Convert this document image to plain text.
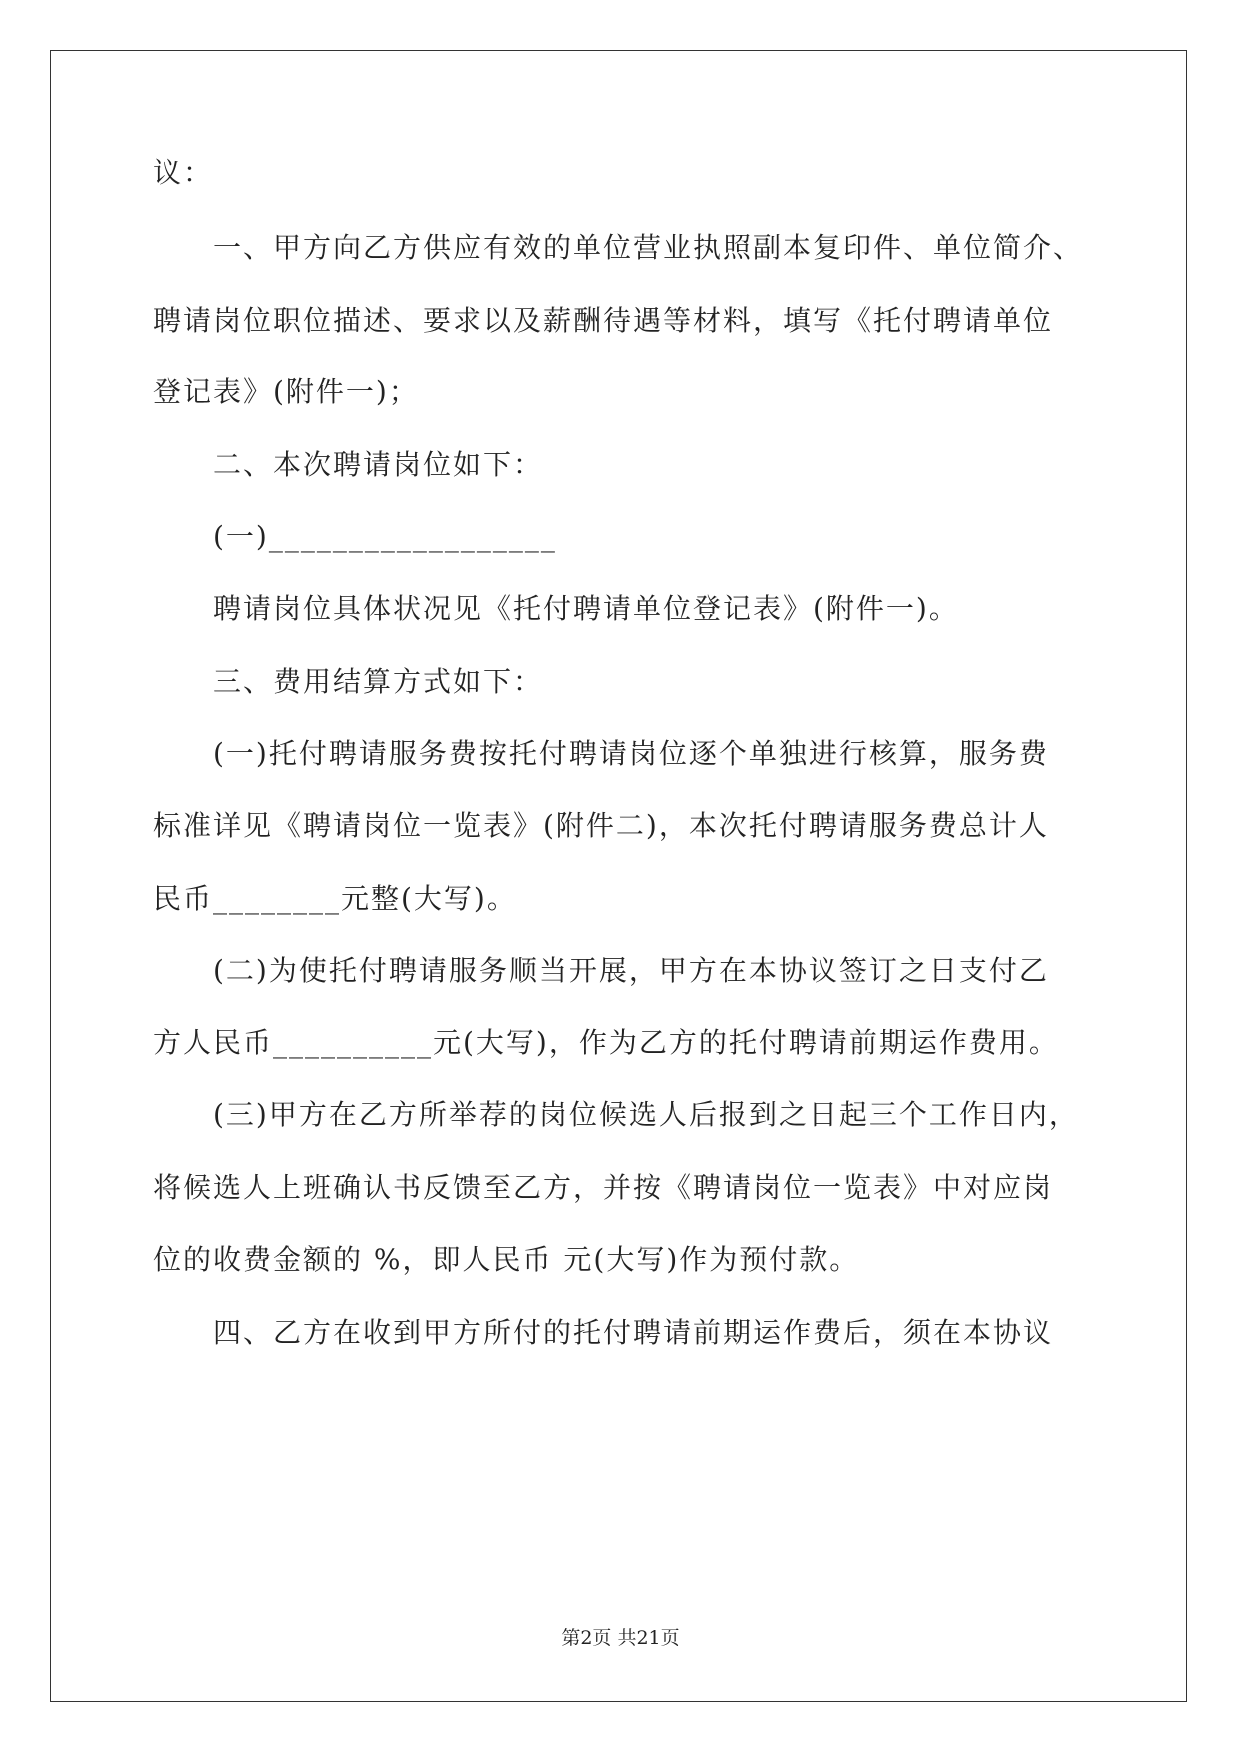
议：
一、甲方向乙方供应有效的单位营业执照副本复印件、单位简介、
聘请岗位职位描述、要求以及薪酬待遇等材料，填写《托付聘请单位
登记表》(附件一)；
二、本次聘请岗位如下：
(一)__________________
聘请岗位具体状况见《托付聘请单位登记表》(附件一)。
三、费用结算方式如下：
(一)托付聘请服务费按托付聘请岗位逐个单独进行核算，服务费
标准详见《聘请岗位一览表》(附件二)，本次托付聘请服务费总计人
民币________元整(大写)。
(二)为使托付聘请服务顺当开展，甲方在本协议签订之日支付乙
方人民币__________元(大写)，作为乙方的托付聘请前期运作费用。
(三)甲方在乙方所举荐的岗位候选人后报到之日起三个工作日内，
将候选人上班确认书反馈至乙方，并按《聘请岗位一览表》中对应岗
位的收费金额的 %，即人民币 元(大写)作为预付款。
四、乙方在收到甲方所付的托付聘请前期运作费后，须在本协议
第2页 共21页
